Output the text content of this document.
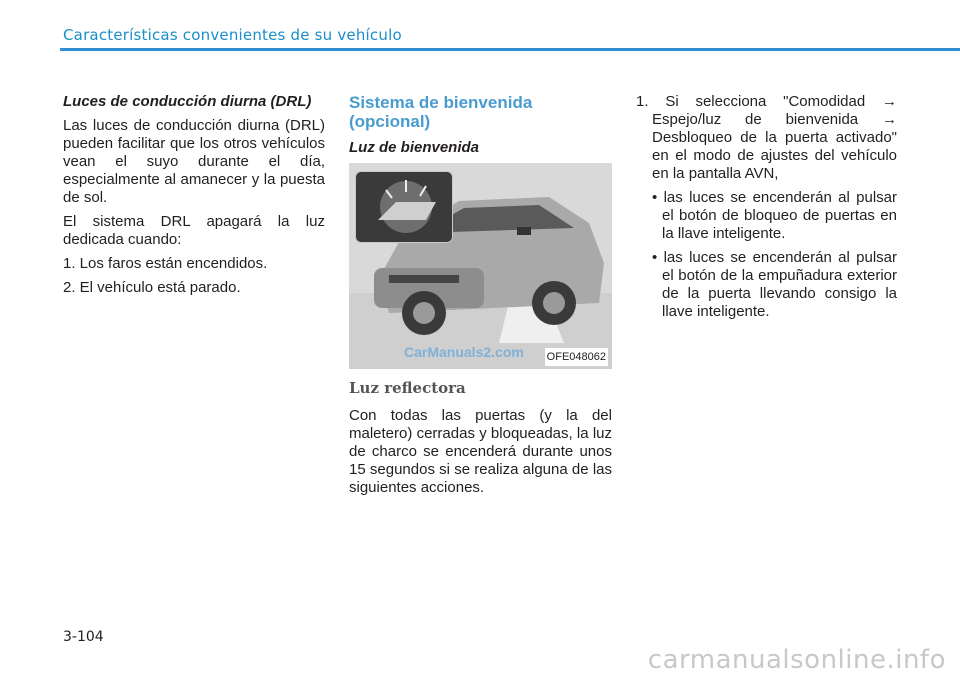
Características convenientes de su vehículo
Luces de conducción diurna (DRL)

Las luces de conducción diurna (DRL) pueden facilitar que los otros vehículos vean el suyo durante el día, especialmente al amanecer y la puesta de sol.

El sistema DRL apagará la luz dedicada cuando:

1. Los faros están encendidos.

2. El vehículo está parado.

Sistema de bienvenida (opcional)
Luz de bienvenida
CarManuals2.com OFE048062
Luz reflectora

Con todas las puertas (y la del maletero) cerradas y bloqueadas, la luz de charco se encenderá durante unos 15 segundos si se realiza alguna de las siguientes acciones.

1. Si selecciona "Comodidad → Espejo/luz de bienvenida → Desbloqueo de la puerta activado" en el modo de ajustes del vehículo en la pantalla AVN,

• las luces se encenderán al pulsar el botón de bloqueo de puertas en la llave inteligente.

• las luces se encenderán al pulsar el botón de la empuñadura exterior de la puerta llevando consigo la llave inteligente.

3-104
carmanualsonline.info
